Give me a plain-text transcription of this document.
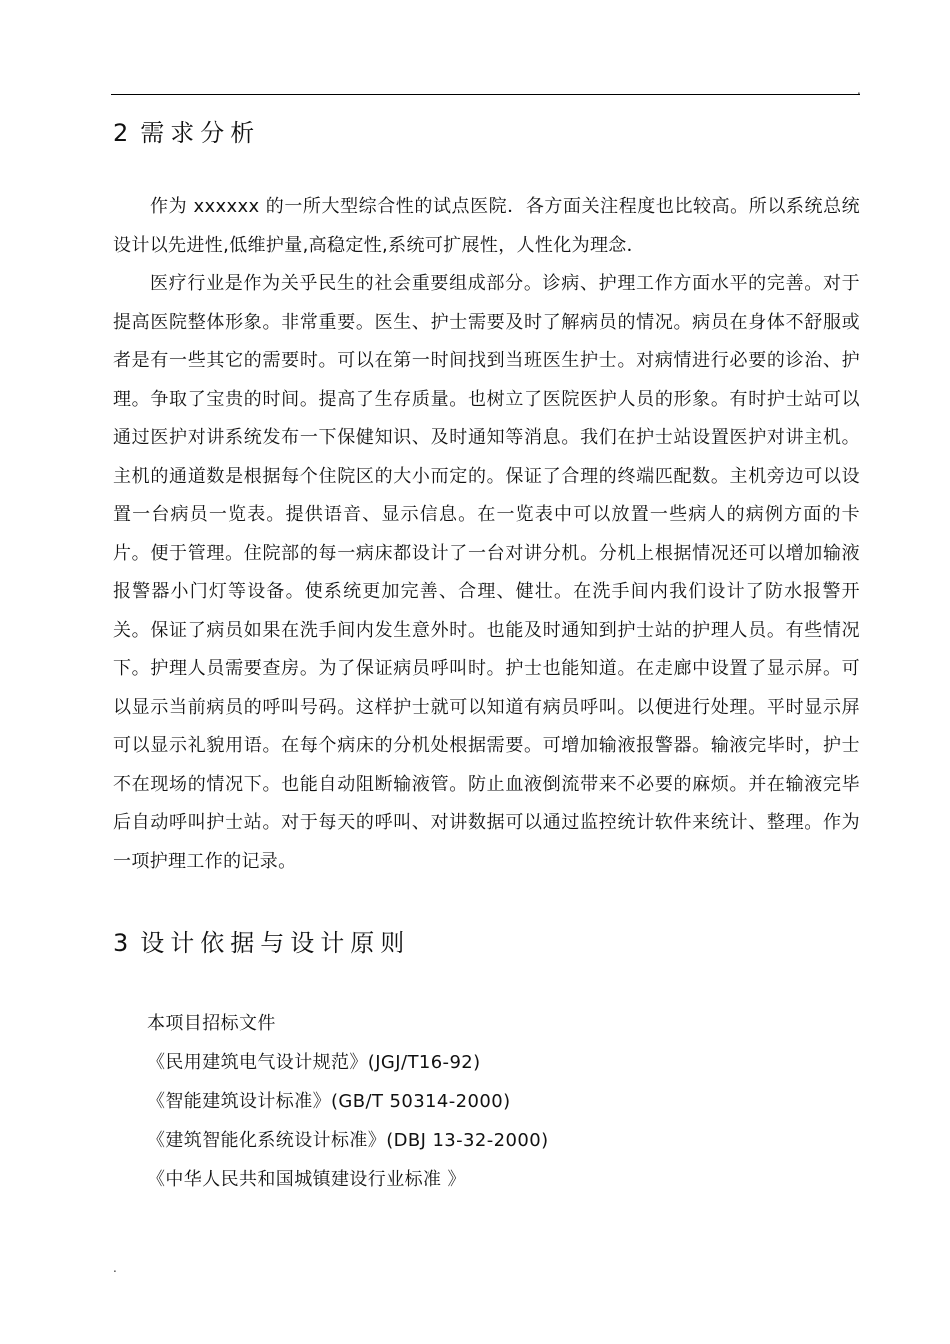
.
2 需求分析

作为 xxxxxx 的一所大型综合性的试点医院．各方面关注程度也比较高。所以系统总统设计以先进性,低维护量,高稳定性,系统可扩展性，人性化为理念．

医疗行业是作为关乎民生的社会重要组成部分。诊病、护理工作方面水平的完善。对于提高医院整体形象。非常重要。医生、护士需要及时了解病员的情况。病员在身体不舒服或者是有一些其它的需要时。可以在第一时间找到当班医生护士。对病情进行必要的诊治、护理。争取了宝贵的时间。提高了生存质量。也树立了医院医护人员的形象。有时护士站可以通过医护对讲系统发布一下保健知识、及时通知等消息。我们在护士站设置医护对讲主机。主机的通道数是根据每个住院区的大小而定的。保证了合理的终端匹配数。主机旁边可以设置一台病员一览表。提供语音、显示信息。在一览表中可以放置一些病人的病例方面的卡片。便于管理。住院部的每一病床都设计了一台对讲分机。分机上根据情况还可以增加输液报警器小门灯等设备。使系统更加完善、合理、健壮。在洗手间内我们设计了防水报警开关。保证了病员如果在洗手间内发生意外时。也能及时通知到护士站的护理人员。有些情况下。护理人员需要查房。为了保证病员呼叫时。护士也能知道。在走廊中设置了显示屏。可以显示当前病员的呼叫号码。这样护士就可以知道有病员呼叫。以便进行处理。平时显示屏可以显示礼貌用语。在每个病床的分机处根据需要。可增加输液报警器。输液完毕时，护士不在现场的情况下。也能自动阻断输液管。防止血液倒流带来不必要的麻烦。并在输液完毕后自动呼叫护士站。对于每天的呼叫、对讲数据可以通过监控统计软件来统计、整理。作为一项护理工作的记录。

3 设计依据与设计原则
本项目招标文件
《民用建筑电气设计规范》(JGJ/T16-92)
《智能建筑设计标准》(GB/T 50314-2000)
《建筑智能化系统设计标准》(DBJ 13-32-2000)
《中华人民共和国城镇建设行业标准 》
.
